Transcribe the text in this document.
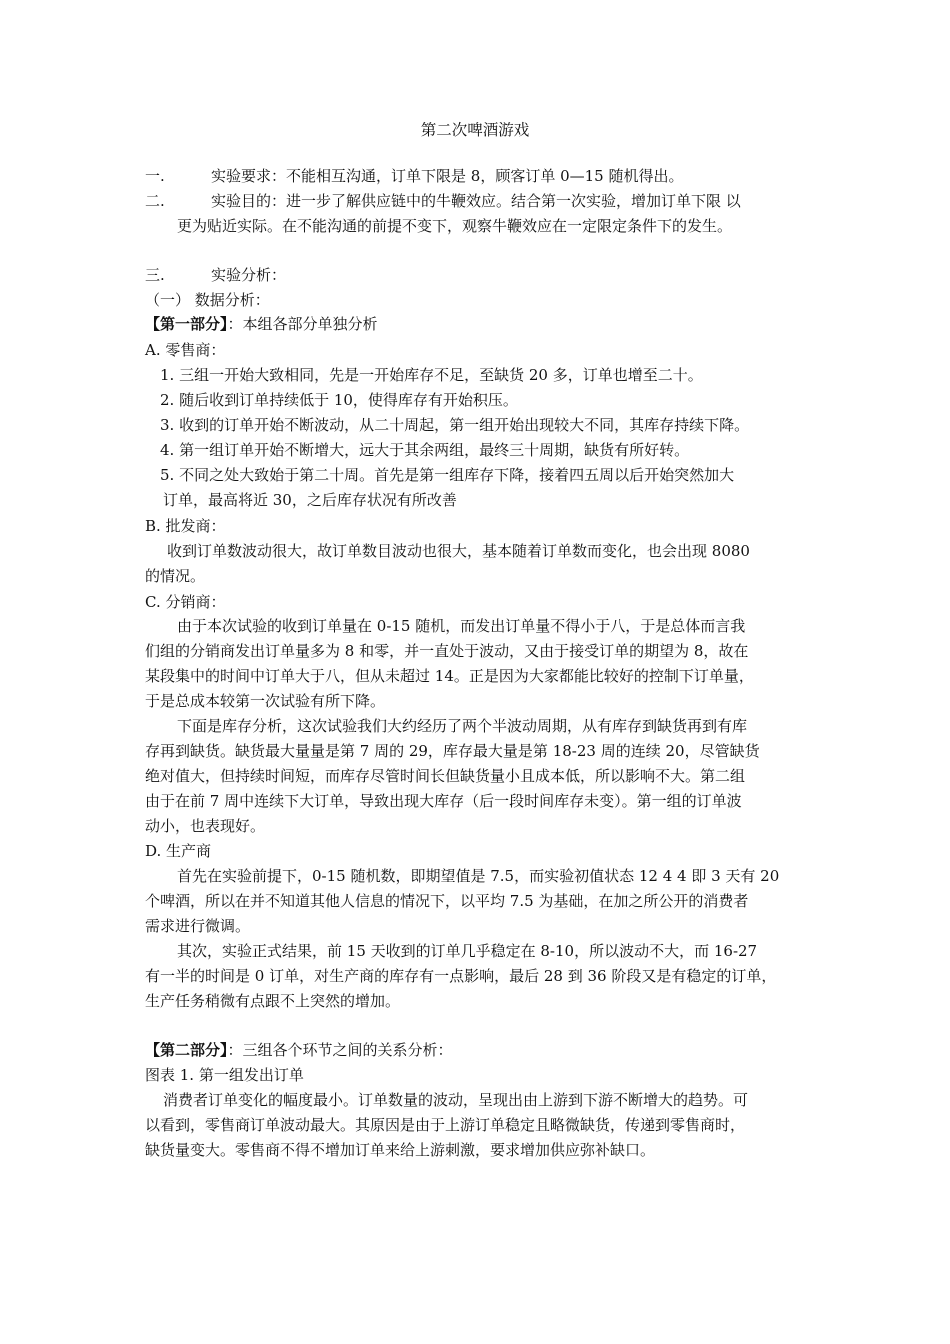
第二次啤酒游戏
一.	实验要求：不能相互沟通，订单下限是 8，顾客订单 0—15 随机得出。
二.	实验目的：进一步了解供应链中的牛鞭效应。结合第一次实验，增加订单下限 以
更为贴近实际。在不能沟通的前提不变下，观察牛鞭效应在一定限定条件下的发生。
三.	实验分析：
（一） 数据分析：
【第一部分】：本组各部分单独分析
A. 零售商：
1. 三组一开始大致相同，先是一开始库存不足，至缺货 20 多，订单也增至二十。
2. 随后收到订单持续低于 10，使得库存有开始积压。
3. 收到的订单开始不断波动，从二十周起，第一组开始出现较大不同，其库存持续下降。
4. 第一组订单开始不断增大，远大于其余两组，最终三十周期，缺货有所好转。
5. 不同之处大致始于第二十周。首先是第一组库存下降，接着四五周以后开始突然加大
订单，最高将近 30，之后库存状况有所改善
B. 批发商：
收到订单数波动很大，故订单数目波动也很大，基本随着订单数而变化，也会出现 8080
的情况。
C. 分销商：
由于本次试验的收到订单量在 0-15 随机，而发出订单量不得小于八，于是总体而言我
们组的分销商发出订单量多为 8 和零，并一直处于波动，又由于接受订单的期望为 8，故在
某段集中的时间中订单大于八，但从未超过 14。正是因为大家都能比较好的控制下订单量，
于是总成本较第一次试验有所下降。
下面是库存分析，这次试验我们大约经历了两个半波动周期，从有库存到缺货再到有库
存再到缺货。缺货最大量量是第 7 周的 29，库存最大量是第 18-23 周的连续 20，尽管缺货
绝对值大，但持续时间短，而库存尽管时间长但缺货量小且成本低，所以影响不大。第二组
由于在前 7 周中连续下大订单，导致出现大库存（后一段时间库存未变）。第一组的订单波
动小，也表现好。
D. 生产商
首先在实验前提下，0-15 随机数，即期望值是 7.5，而实验初值状态 12 4 4 即 3 天有 20
个啤酒，所以在并不知道其他人信息的情况下，以平均 7.5 为基础，在加之所公开的消费者
需求进行微调。
其次，实验正式结果，前 15 天收到的订单几乎稳定在 8-10，所以波动不大，而 16-27
有一半的时间是 0 订单，对生产商的库存有一点影响，最后 28 到 36 阶段又是有稳定的订单，
生产任务稍微有点跟不上突然的增加。
【第二部分】：三组各个环节之间的关系分析：
图表 1. 第一组发出订单
消费者订单变化的幅度最小。订单数量的波动，呈现出由上游到下游不断增大的趋势。可
以看到，零售商订单波动最大。其原因是由于上游订单稳定且略微缺货，传递到零售商时，
缺货量变大。零售商不得不增加订单来给上游刺激，要求增加供应弥补缺口。
